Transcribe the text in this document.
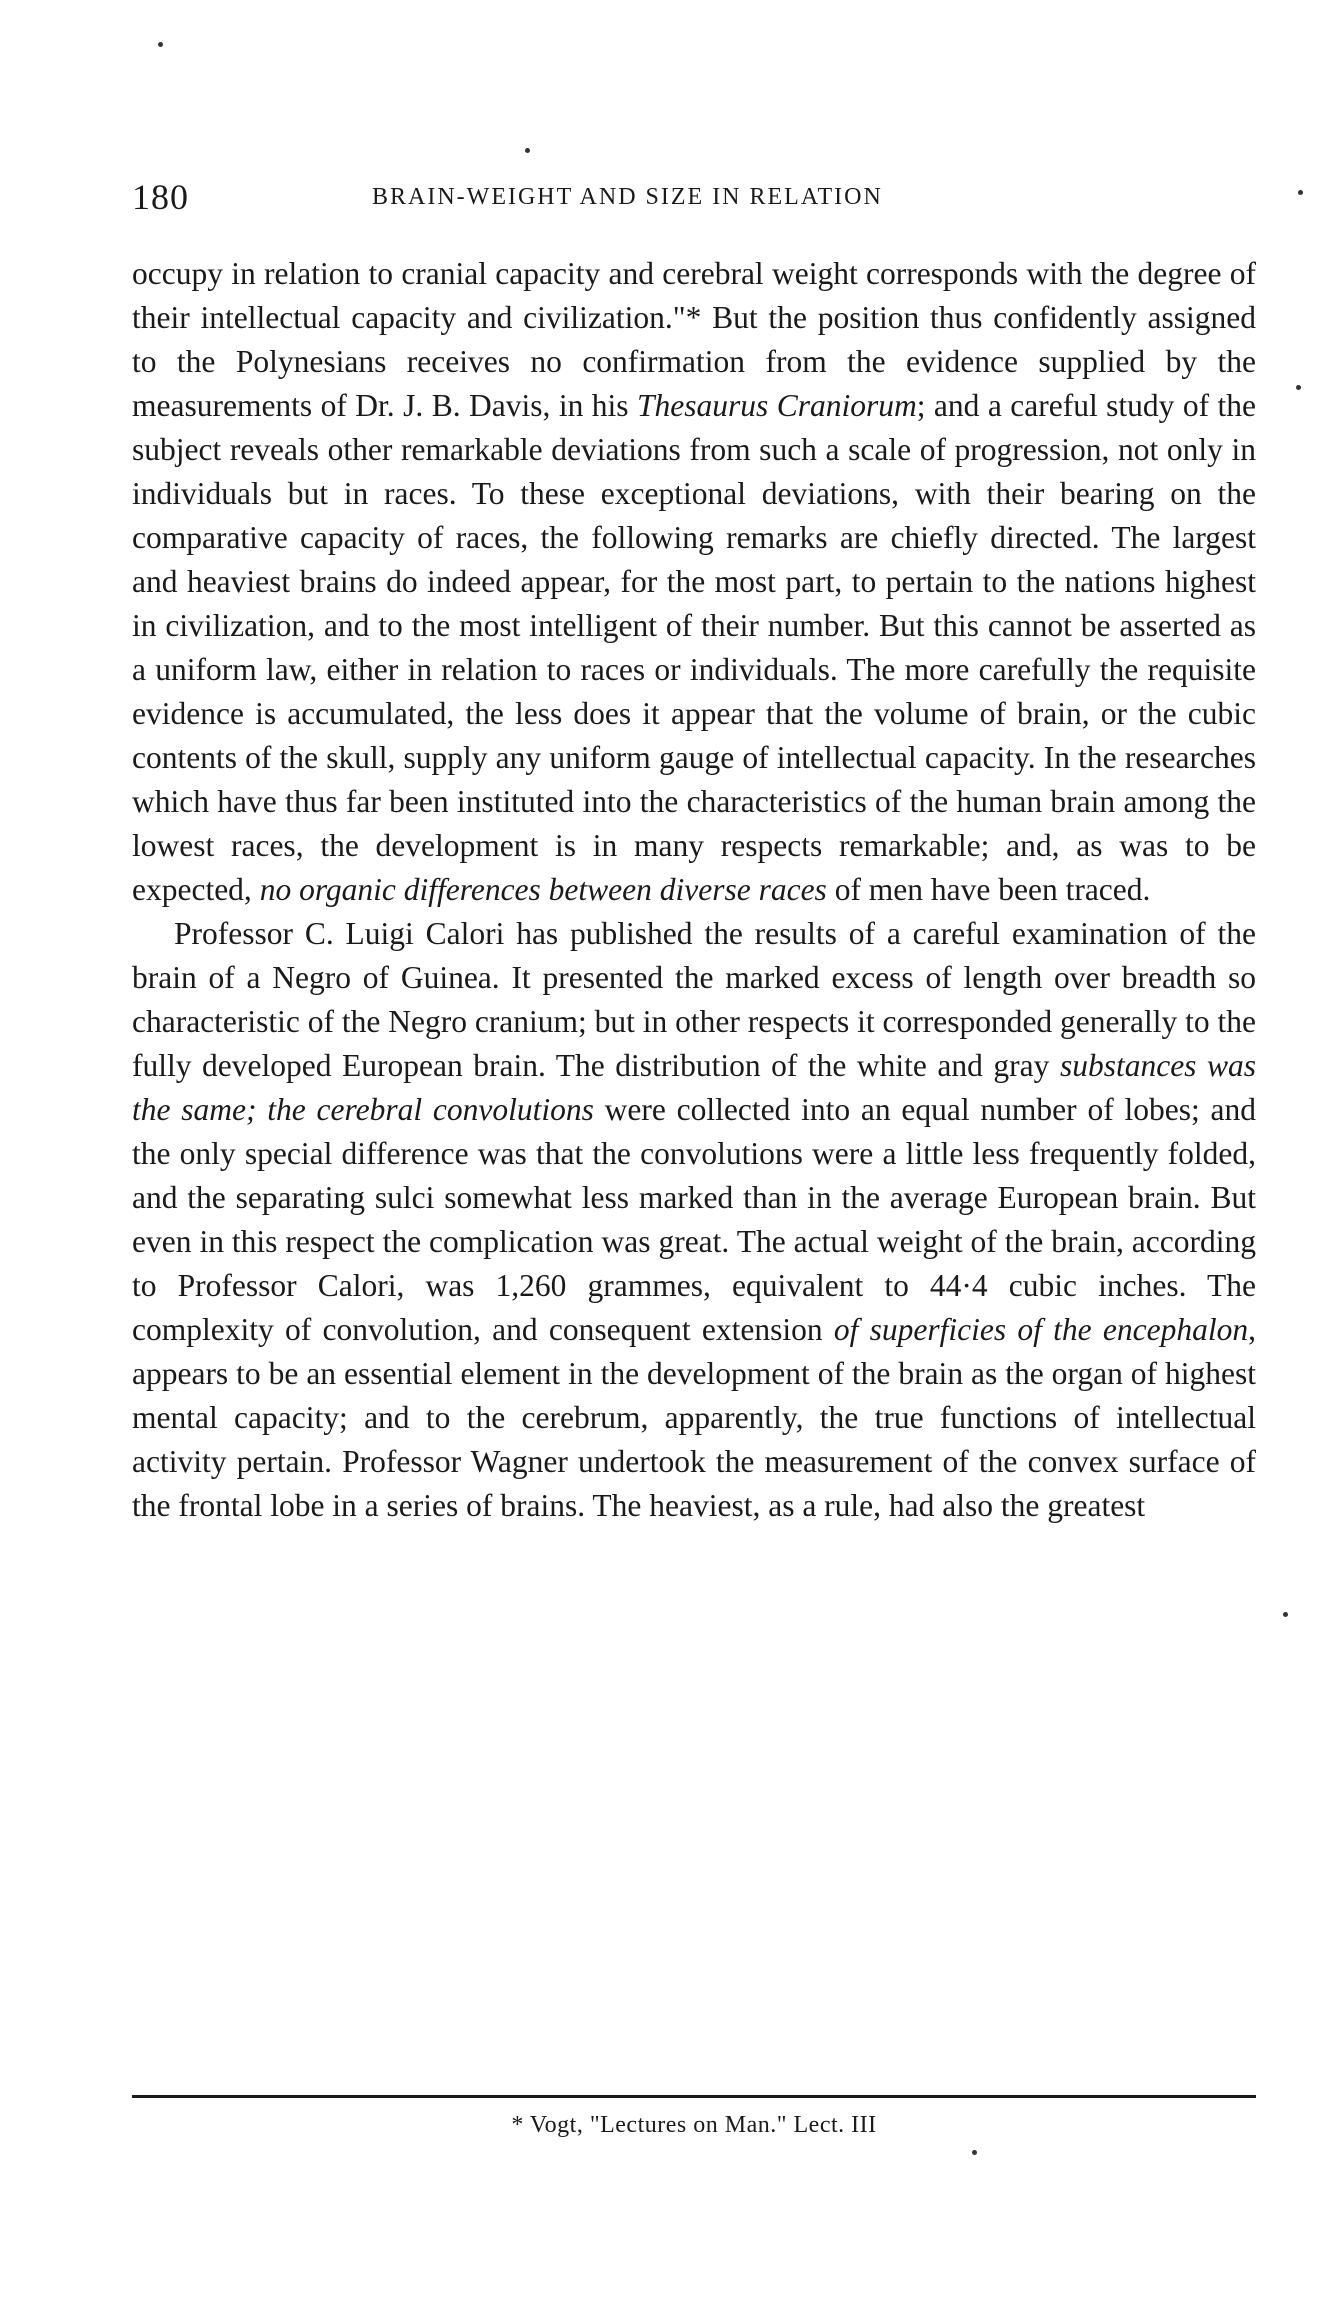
180	BRAIN-WEIGHT AND SIZE IN RELATION

occupy in relation to cranial capacity and cerebral weight corresponds with the degree of their intellectual capacity and civilization."* But the position thus confidently assigned to the Polynesians receives no confirmation from the evidence supplied by the measurements of Dr. J. B. Davis, in his Thesaurus Craniorum; and a careful study of the subject reveals other remarkable deviations from such a scale of progression, not only in individuals but in races. To these exceptional deviations, with their bearing on the comparative capacity of races, the following remarks are chiefly directed. The largest and heaviest brains do indeed appear, for the most part, to pertain to the nations highest in civilization, and to the most intelligent of their number. But this cannot be asserted as a uniform law, either in relation to races or individuals. The more carefully the requisite evidence is accumulated, the less does it appear that the volume of brain, or the cubic contents of the skull, supply any uniform gauge of intellectual capacity. In the researches which have thus far been instituted into the characteristics of the human brain among the lowest races, the development is in many respects remarkable; and, as was to be expected, no organic differences between diverse races of men have been traced.

Professor C. Luigi Calori has published the results of a careful examination of the brain of a Negro of Guinea. It presented the marked excess of length over breadth so characteristic of the Negro cranium; but in other respects it corresponded generally to the fully developed European brain. The distribution of the white and gray substances was the same; the cerebral convolutions were collected into an equal number of lobes; and the only special difference was that the convolutions were a little less frequently folded, and the separating sulci somewhat less marked than in the average European brain. But even in this respect the complication was great. The actual weight of the brain, according to Professor Calori, was 1,260 grammes, equivalent to 44·4 cubic inches. The complexity of convolution, and consequent extension of superficies of the encephalon, appears to be an essential element in the development of the brain as the organ of highest mental capacity; and to the cerebrum, apparently, the true functions of intellectual activity pertain. Professor Wagner undertook the measurement of the convex surface of the frontal lobe in a series of brains. The heaviest, as a rule, had also the greatest

* Vogt, "Lectures on Man." Lect. III
